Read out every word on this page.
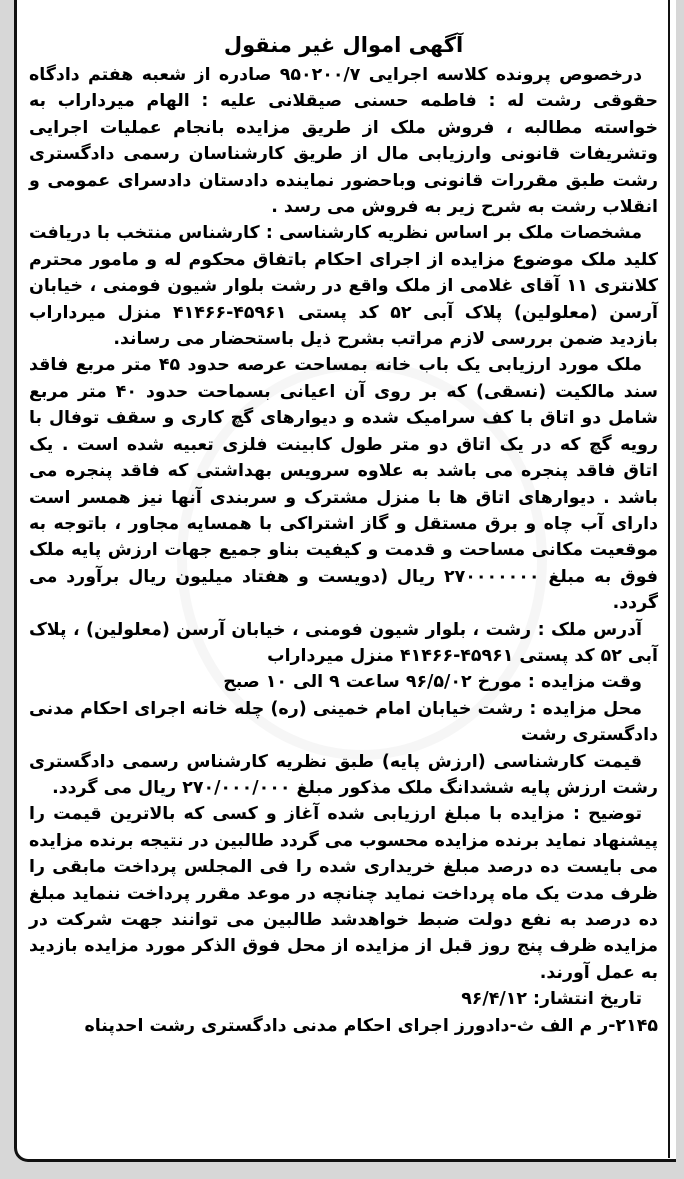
آگهی اموال غیر منقول

درخصوص پرونده کلاسه اجرایی ۹۵۰۲۰۰/۷ صادره از شعبه هفتم دادگاه حقوقی رشت له : فاطمه حسنی صیقلانی علیه : الهام میرداراب به خواسته مطالبه ، فروش ملک از طریق مزایده بانجام عملیات اجرایی وتشریفات قانونی وارزیابی مال از طریق کارشناسان رسمی دادگستری رشت طبق مقررات قانونی وباحضور نماینده دادستان دادسرای عمومی و انقلاب رشت به شرح زیر به فروش می رسد .

مشخصات ملک بر اساس نظریه کارشناسی : کارشناس منتخب با دریافت کلید ملک موضوع مزایده از اجرای احکام باتفاق محکوم له و مامور محترم کلانتری ۱۱ آقای غلامی از ملک واقع در رشت بلوار شیون فومنی ، خیابان آرسن (معلولین) پلاک آبی ۵۲ کد پستی ۴۵۹۶۱-۴۱۴۶۶ منزل میرداراب بازدید ضمن بررسی لازم مراتب بشرح ذیل باستحضار می رساند.

ملک مورد ارزیابی یک باب خانه بمساحت عرصه حدود ۴۵ متر مربع فاقد سند مالکیت (نسقی) که بر روی آن اعیانی بسماحت حدود ۴۰ متر مربع شامل دو اتاق با کف سرامیک شده و دیوارهای گچ کاری و سقف توفال با رویه گچ که در یک اتاق دو متر طول کابینت فلزی تعبیه شده است . یک اتاق فاقد پنجره می باشد به علاوه سرویس بهداشتی که فاقد پنجره می باشد . دیوارهای اتاق ها با منزل مشترک و سربندی آنها نیز همسر است دارای آب چاه و برق مستقل و گاز اشتراکی با همسایه مجاور ، باتوجه به موقعیت مکانی مساحت و قدمت و کیفیت بناو جمیع جهات ارزش پایه ملک فوق به مبلغ ۲۷۰۰۰۰۰۰۰ ریال (دویست و هفتاد میلیون ریال برآورد می گردد.

آدرس ملک : رشت ، بلوار شیون فومنی ، خیابان آرسن (معلولین) ، پلاک آبی ۵۲ کد پستی ۴۵۹۶۱-۴۱۴۶۶ منزل میرداراب

وقت مزایده : مورخ ۹۶/۵/۰۲ ساعت ۹ الی ۱۰ صبح

محل مزایده : رشت خیابان امام خمینی (ره) چله خانه اجرای احکام مدنی دادگستری رشت

قیمت کارشناسی (ارزش پایه) طبق نظریه کارشناس رسمی دادگستری رشت ارزش پایه ششدانگ ملک مذکور مبلغ ۲۷۰/۰۰۰/۰۰۰ ریال می گردد.

توضیح : مزایده با مبلغ ارزیابی شده آغاز و کسی که بالاترین قیمت را پیشنهاد نماید برنده مزایده محسوب می گردد طالبین در نتیجه برنده مزایده می بایست ده درصد مبلغ خریداری شده را فی المجلس پرداخت مابقی را ظرف مدت یک ماه پرداخت نماید چنانچه در موعد مقرر پرداخت ننماید مبلغ ده درصد به نفع دولت ضبط خواهدشد طالبین می توانند جهت شرکت در مزایده ظرف پنج روز قبل از مزایده از محل فوق الذکر مورد مزایده بازدید به عمل آورند.

تاریخ انتشار: ۹۶/۴/۱۲

۲۱۴۵-ر م الف ث-دادورز اجرای احکام مدنی دادگستری رشت احدپناه
